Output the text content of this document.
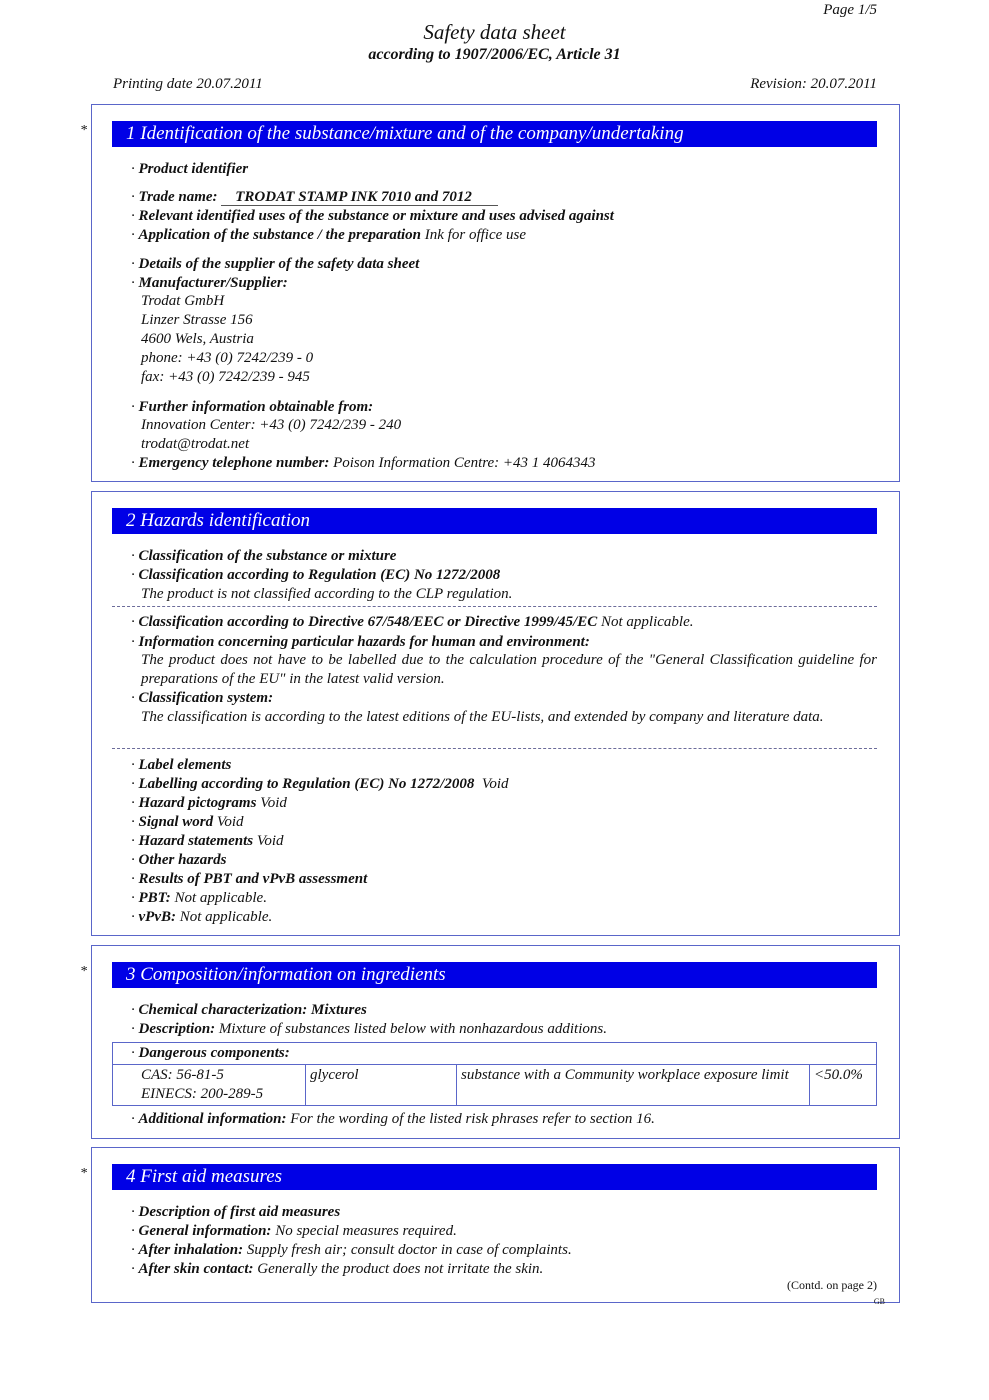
Page 1/5
Safety data sheet
according to 1907/2006/EC, Article 31
Printing date 20.07.2011	Revision: 20.07.2011
*	1 Identification of the substance/mixture and of the company/undertaking
· Product identifier
· Trade name: TRODAT STAMP INK 7010 and 7012
· Relevant identified uses of the substance or mixture and uses advised against
· Application of the substance / the preparation Ink for office use
· Details of the supplier of the safety data sheet
· Manufacturer/Supplier:
Trodat GmbH
Linzer Strasse 156
4600 Wels, Austria
phone: +43 (0) 7242/239 - 0
fax: +43 (0) 7242/239 - 945
· Further information obtainable from:
Innovation Center: +43 (0) 7242/239 - 240
trodat@trodat.net
· Emergency telephone number: Poison Information Centre: +43 1 4064343
2 Hazards identification
· Classification of the substance or mixture
· Classification according to Regulation (EC) No 1272/2008
The product is not classified according to the CLP regulation.
· Classification according to Directive 67/548/EEC or Directive 1999/45/EC Not applicable.
· Information concerning particular hazards for human and environment:
The product does not have to be labelled due to the calculation procedure of the "General Classification guideline for preparations of the EU" in the latest valid version.
· Classification system:
The classification is according to the latest editions of the EU-lists, and extended by company and literature data.
· Label elements
· Labelling according to Regulation (EC) No 1272/2008 Void
· Hazard pictograms Void
· Signal word Void
· Hazard statements Void
· Other hazards
· Results of PBT and vPvB assessment
· PBT: Not applicable.
· vPvB: Not applicable.
*	3 Composition/information on ingredients
· Chemical characterization: Mixtures
· Description: Mixture of substances listed below with nonhazardous additions.
· Dangerous components:

CAS: 56-81-5
EINECS: 200-289-5
	glycerol	substance with a Community workplace exposure limit	<50.0%
· Additional information: For the wording of the listed risk phrases refer to section 16.
*	4 First aid measures
· Description of first aid measures
· General information: No special measures required.
· After inhalation: Supply fresh air; consult doctor in case of complaints.
· After skin contact: Generally the product does not irritate the skin.
(Contd. on page 2)
GB
